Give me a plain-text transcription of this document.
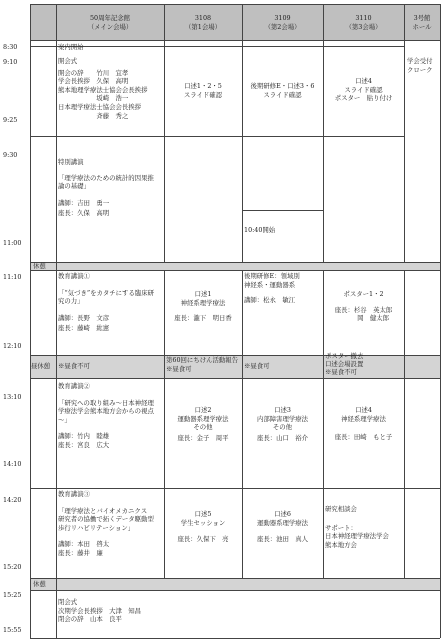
8:30
9:10
9:25
9:30
11:00
11:10
12:10
13:10
14:10
14:20
15:20
15:25
15:55
50周年記念館
（メイン会場）
3108
（第1会場）
3109
（第2会場）
3110
（第3会場）
3号館
ホール
案内開始
開会式
開会の辞　　竹川　宜孝
学会長挨拶　久保　高明
熊本地理学療法士協会会長挨拶
　　　　　　坂崎　浩一
日本理学療法士協会会長挨拶
　　　　　　斉藤　秀之
口述1・2・5
スライド確認
後期研修E・口述3・6
スライド確認
口述4
スライド確認
ポスター　貼り付け
学会受付
クローク
特別講演
「理学療法のための統計的因果推
論の基礎」
講師：吉田　勇一
座長：久保　高明
10:40開始
休憩
教育講演①
「“気づき”をカタチにする臨床研
究の力」
講師：長野　文彦
座長：藤崎　紘憲
口述1
神経系理学療法
座長：瀧下　明日香
後期研修E：領域別
神経系・運動器系
講師：松永　敏江
ポスター1・2
座長：杉谷　英太郎
　　　岡　健太郎
昼休憩 ※昼食不可
第60回にちけん活動報告
※昼食可	※昼食可
ポスター撤去
口述会場設置
※昼食不可
教育講演②
「研究への取り組み〜日本神経理
学療法学会熊本地方会からの視点
〜」
講師：竹内　睦雄
座長：宮良　広大
口述2
運動器系理学療法
その他
座長：金子　周平
口述3
内部障害理学療法
その他
座長：山口　裕介
口述4
神経系理学療法
座長：田崎　もと子
教育講演③
「理学療法とバイオメカニクス
研究者の協働で拓くデータ駆動型
歩行リハビリテーション」
講師：本田　啓太
座長：藤井　廉
口述5
学生セッション
座長：久保下　亮
口述6
運動器系理学療法
座長：池田　真人
研究相談会
サポート：
日本神経理学療法学会
熊本地方会
休憩
閉会式
次期学会長挨拶　大津　知昌
閉会の辞　山本　良平
